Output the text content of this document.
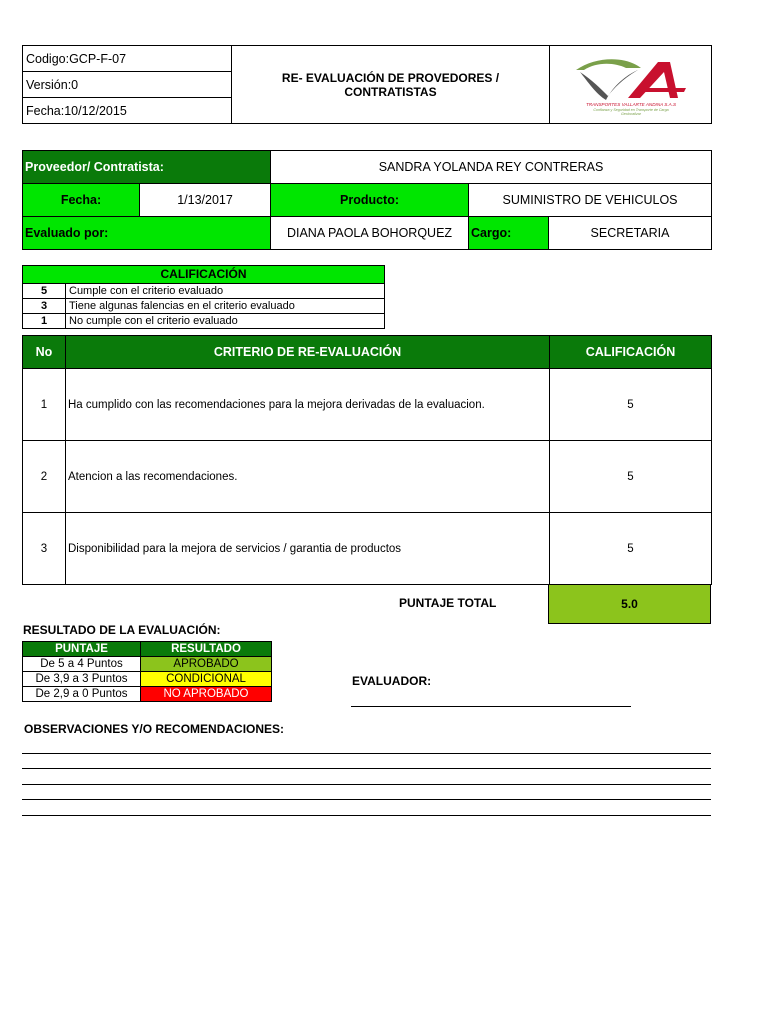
Codigo:GCP-F-07	
RE- EVALUACIÓN DE PROVEDORES /
CONTRATISTAS

TRANSPORTES VALLARTE ANDINA S.A.S
Confianza y Seguridad en Transporte de Carga
Geolocalizar

Versión:0
Fecha:10/12/2015
Proveedor/ Contratista:		SANDRA YOLANDA REY CONTRERAS		
Fecha:	1/13/2017	Producto:	SUMINISTRO DE VEHICULOS	
Evaluado por:		DIANA PAOLA BOHORQUEZ	Cargo:	SECRETARIA
CALIFICACIÓN	
5	Cumple con el criterio evaluado
3	Tiene algunas falencias en el criterio evaluado
1	No cumple con el criterio evaluado
No	CRITERIO DE RE-EVALUACIÓN	CALIFICACIÓN
1	Ha cumplido con las recomendaciones para la mejora derivadas de la evaluacion.	5
2	Atencion a las recomendaciones.	5
3	Disponibilidad para la mejora de servicios / garantia de productos	5
PUNTAJE TOTAL	5.0
RESULTADO DE LA EVALUACIÓN:
PUNTAJE	RESULTADO
De 5 a 4 Puntos	APROBADO
De 3,9 a 3 Puntos	CONDICIONAL
De 2,9 a 0 Puntos	NO APROBADO
EVALUADOR:
OBSERVACIONES Y/O RECOMENDACIONES:
